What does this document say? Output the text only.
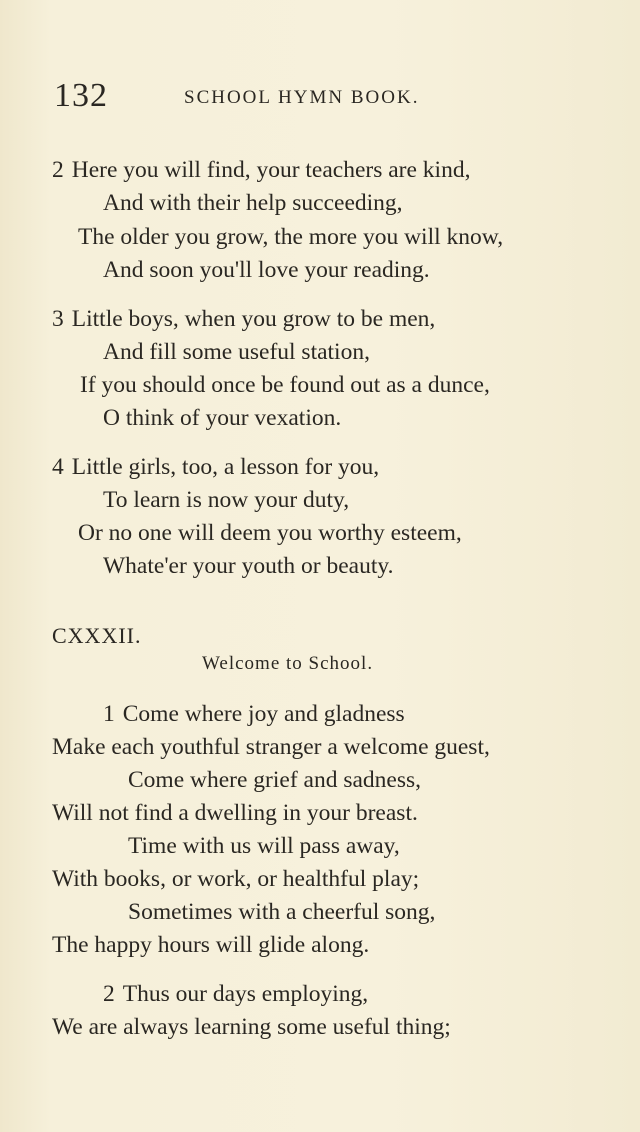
132	SCHOOL HYMN BOOK.
2 Here you will find, your teachers are kind,
And with their help succeeding,
The older you grow, the more you will know,
And soon you'll love your reading.
3 Little boys, when you grow to be men,
And fill some useful station,
If you should once be found out as a dunce,
O think of your vexation.
4 Little girls, too, a lesson for you,
To learn is now your duty,
Or no one will deem you worthy esteem,
Whate'er your youth or beauty.
CXXXII.
Welcome to School.
1 Come where joy and gladness
Make each youthful stranger a welcome guest,
Come where grief and sadness,
Will not find a dwelling in your breast.
Time with us will pass away,
With books, or work, or healthful play;
Sometimes with a cheerful song,
The happy hours will glide along.
2 Thus our days employing,
We are always learning some useful thing;
